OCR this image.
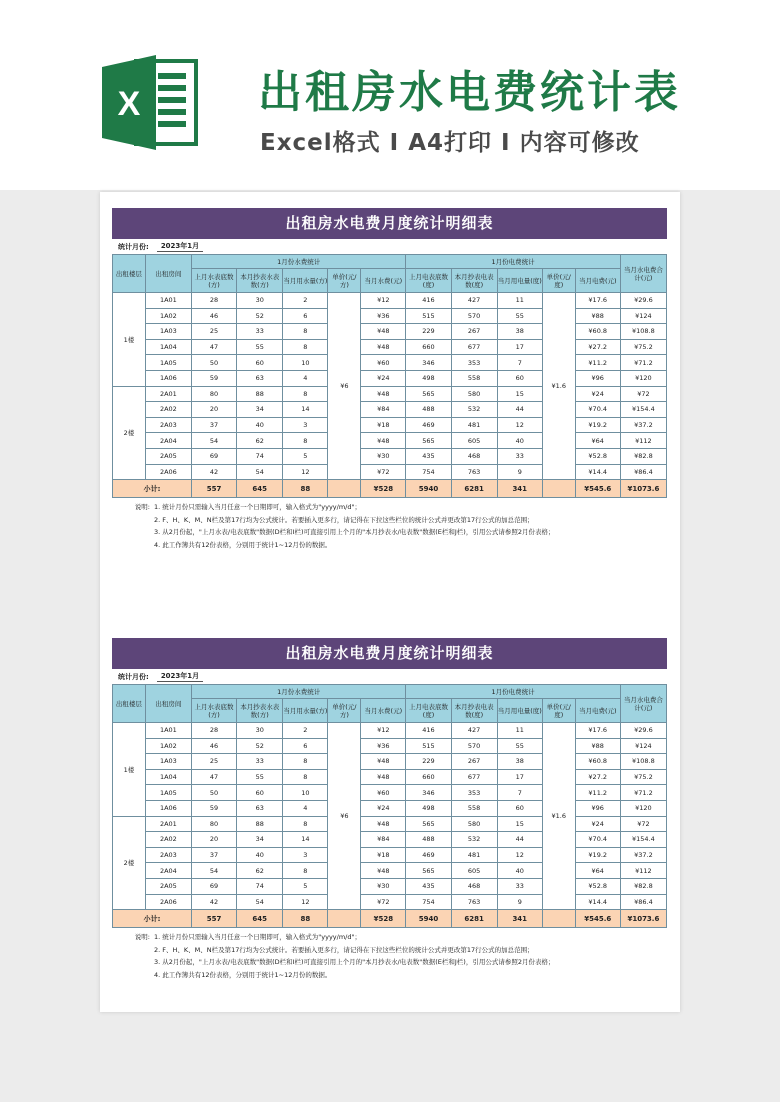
X	出租房水电费统计表
Excel格式 I A4打印 I 内容可修改
出租房水电费月度统计明细表
统计月份:	2023年1月
出租楼层	出租房间	1月份水费统计					1月份电费统计					当月水电费合计(元)
		上月水表底数(方)	本月抄表水表数(方)	当月用水量(方)	单价(元/方)	当月水费(元)	上月电表底数(度)	本月抄表电表数(度)	当月用电量(度)	单价(元/度)	当月电费(元)	
1楼	1A01	28	30	2	¥6	¥12	416	427	11	¥1.6	¥17.6	¥29.6
	1A02	46	52	6		¥36	515	570	55		¥88	¥124
	1A03	25	33	8		¥48	229	267	38		¥60.8	¥108.8
	1A04	47	55	8		¥48	660	677	17		¥27.2	¥75.2
	1A05	50	60	10		¥60	346	353	7		¥11.2	¥71.2
	1A06	59	63	4		¥24	498	558	60		¥96	¥120
2楼	2A01	80	88	8		¥48	565	580	15		¥24	¥72
	2A02	20	34	14		¥84	488	532	44		¥70.4	¥154.4
	2A03	37	40	3		¥18	469	481	12		¥19.2	¥37.2
	2A04	54	62	8		¥48	565	605	40		¥64	¥112
	2A05	69	74	5		¥30	435	468	33		¥52.8	¥82.8
	2A06	42	54	12		¥72	754	763	9		¥14.4	¥86.4
小计:		557	645	88		¥528	5940	6281	341		¥545.6	¥1073.6
说明: 1. 统计月份只需输入当月任意一个日期即可，输入格式为"yyyy/m/d"；
2. F、H、K、M、N栏及第17行均为公式统计。若要插入更多行，请记得在下拉这些栏位的统计公式并更改第17行公式的加总范围；
3. 从2月份起，"上月水表/电表底数"数据(D栏和I栏)可直接引用上个月的"本月抄表水/电表数"数据(E栏和J栏)，引用公式请参照2月份表格；
4. 此工作簿共有12份表格，分别用于统计1~12月份的数据。
出租房水电费月度统计明细表
统计月份:	2023年1月
出租楼层	出租房间	1月份水费统计					1月份电费统计					当月水电费合计(元)
		上月水表底数(方)	本月抄表水表数(方)	当月用水量(方)	单价(元/方)	当月水费(元)	上月电表底数(度)	本月抄表电表数(度)	当月用电量(度)	单价(元/度)	当月电费(元)	
1楼	1A01	28	30	2	¥6	¥12	416	427	11	¥1.6	¥17.6	¥29.6
	1A02	46	52	6		¥36	515	570	55		¥88	¥124
	1A03	25	33	8		¥48	229	267	38		¥60.8	¥108.8
	1A04	47	55	8		¥48	660	677	17		¥27.2	¥75.2
	1A05	50	60	10		¥60	346	353	7		¥11.2	¥71.2
	1A06	59	63	4		¥24	498	558	60		¥96	¥120
2楼	2A01	80	88	8		¥48	565	580	15		¥24	¥72
	2A02	20	34	14		¥84	488	532	44		¥70.4	¥154.4
	2A03	37	40	3		¥18	469	481	12		¥19.2	¥37.2
	2A04	54	62	8		¥48	565	605	40		¥64	¥112
	2A05	69	74	5		¥30	435	468	33		¥52.8	¥82.8
	2A06	42	54	12		¥72	754	763	9		¥14.4	¥86.4
小计:		557	645	88		¥528	5940	6281	341		¥545.6	¥1073.6
说明: 1. 统计月份只需输入当月任意一个日期即可，输入格式为"yyyy/m/d"；
2. F、H、K、M、N栏及第17行均为公式统计。若要插入更多行，请记得在下拉这些栏位的统计公式并更改第17行公式的加总范围；
3. 从2月份起，"上月水表/电表底数"数据(D栏和I栏)可直接引用上个月的"本月抄表水/电表数"数据(E栏和J栏)，引用公式请参照2月份表格；
4. 此工作簿共有12份表格，分别用于统计1~12月份的数据。
